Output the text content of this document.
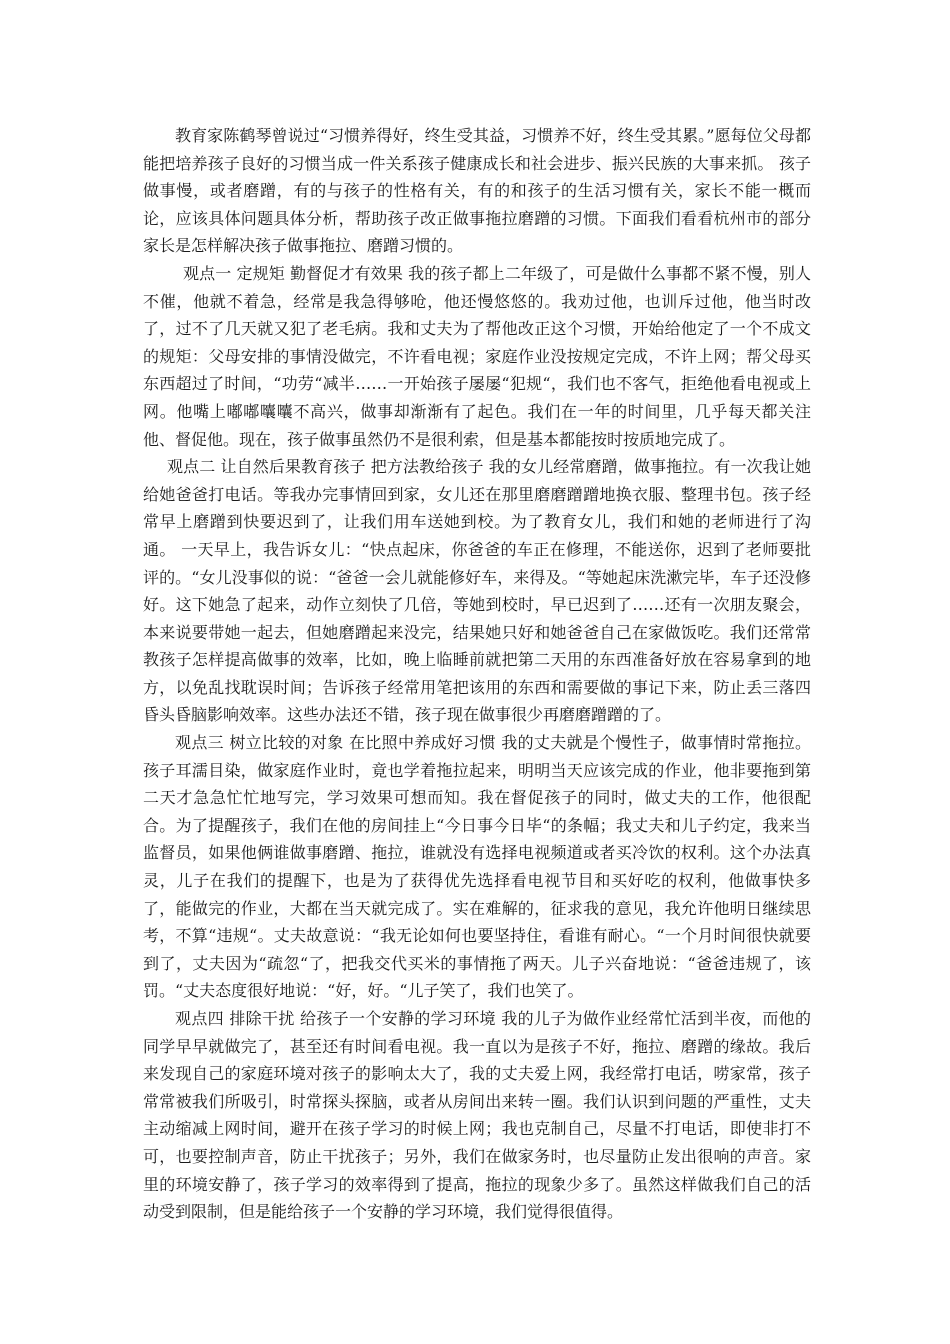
教育家陈鹤琴曾说过“习惯养得好，终生受其益，习惯养不好，终生受其累。”愿每位父母都能把培养孩子良好的习惯当成一件关系孩子健康成长和社会进步、振兴民族的大事来抓。 孩子做事慢，或者磨蹭，有的与孩子的性格有关，有的和孩子的生活习惯有关，家长不能一概而论，应该具体问题具体分析，帮助孩子改正做事拖拉磨蹭的习惯。下面我们看看杭州市的部分家长是怎样解决孩子做事拖拉、磨蹭习惯的。

观点一 定规矩 勤督促才有效果 我的孩子都上二年级了，可是做什么事都不紧不慢，别人不催，他就不着急，经常是我急得够呛，他还慢悠悠的。我劝过他，也训斥过他，他当时改了，过不了几天就又犯了老毛病。我和丈夫为了帮他改正这个习惯，开始给他定了一个不成文的规矩：父母安排的事情没做完，不许看电视；家庭作业没按规定完成，不许上网；帮父母买东西超过了时间，“功劳“减半……一开始孩子屡屡“犯规“，我们也不客气，拒绝他看电视或上网。他嘴上嘟嘟囔囔不高兴，做事却渐渐有了起色。我们在一年的时间里，几乎每天都关注他、督促他。现在，孩子做事虽然仍不是很利索，但是基本都能按时按质地完成了。

观点二 让自然后果教育孩子 把方法教给孩子 我的女儿经常磨蹭，做事拖拉。有一次我让她给她爸爸打电话。等我办完事情回到家，女儿还在那里磨磨蹭蹭地换衣服、整理书包。孩子经常早上磨蹭到快要迟到了，让我们用车送她到校。为了教育女儿，我们和她的老师进行了沟通。 一天早上，我告诉女儿：“快点起床，你爸爸的车正在修理，不能送你，迟到了老师要批评的。“女儿没事似的说：“爸爸一会儿就能修好车，来得及。“等她起床洗漱完毕，车子还没修好。这下她急了起来，动作立刻快了几倍，等她到校时，早已迟到了……还有一次朋友聚会，本来说要带她一起去，但她磨蹭起来没完，结果她只好和她爸爸自己在家做饭吃。我们还常常教孩子怎样提高做事的效率，比如，晚上临睡前就把第二天用的东西准备好放在容易拿到的地方，以免乱找耽误时间；告诉孩子经常用笔把该用的东西和需要做的事记下来，防止丢三落四昏头昏脑影响效率。这些办法还不错，孩子现在做事很少再磨磨蹭蹭的了。

观点三 树立比较的对象 在比照中养成好习惯 我的丈夫就是个慢性子，做事情时常拖拉。孩子耳濡目染，做家庭作业时，竟也学着拖拉起来，明明当天应该完成的作业，他非要拖到第二天才急急忙忙地写完，学习效果可想而知。我在督促孩子的同时，做丈夫的工作，他很配合。为了提醒孩子，我们在他的房间挂上“今日事今日毕“的条幅；我丈夫和儿子约定，我来当监督员，如果他俩谁做事磨蹭、拖拉，谁就没有选择电视频道或者买冷饮的权利。这个办法真灵，儿子在我们的提醒下，也是为了获得优先选择看电视节目和买好吃的权利，他做事快多了，能做完的作业，大都在当天就完成了。实在难解的，征求我的意见，我允许他明日继续思考，不算“违规“。丈夫故意说：“我无论如何也要坚持住，看谁有耐心。“一个月时间很快就要到了，丈夫因为“疏忽“了，把我交代买米的事情拖了两天。儿子兴奋地说：“爸爸违规了，该罚。“丈夫态度很好地说：“好，好。“儿子笑了，我们也笑了。

观点四 排除干扰 给孩子一个安静的学习环境 我的儿子为做作业经常忙活到半夜，而他的同学早早就做完了，甚至还有时间看电视。我一直以为是孩子不好，拖拉、磨蹭的缘故。我后来发现自己的家庭环境对孩子的影响太大了，我的丈夫爱上网，我经常打电话，唠家常，孩子常常被我们所吸引，时常探头探脑，或者从房间出来转一圈。我们认识到问题的严重性，丈夫主动缩减上网时间，避开在孩子学习的时候上网；我也克制自己，尽量不打电话，即使非打不可，也要控制声音，防止干扰孩子；另外，我们在做家务时，也尽量防止发出很响的声音。家里的环境安静了，孩子学习的效率得到了提高，拖拉的现象少多了。虽然这样做我们自己的活动受到限制，但是能给孩子一个安静的学习环境，我们觉得很值得。
